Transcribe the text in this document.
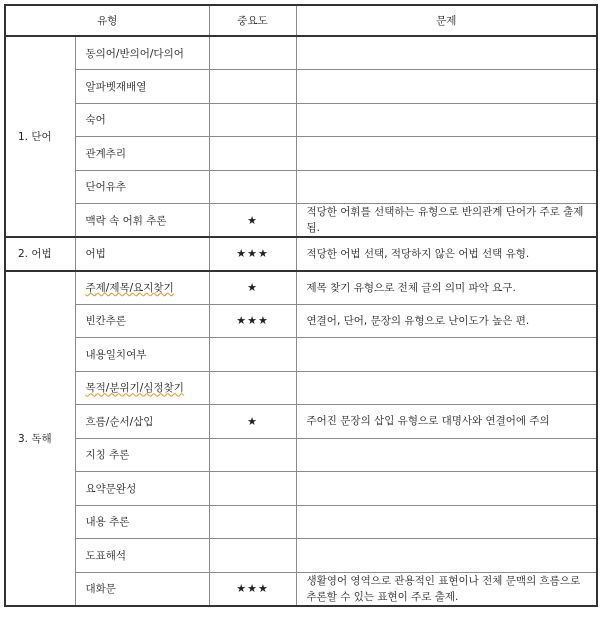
유형		중요도	문제
1. 단어	동의어/반의어/다의어		
	알파벳재배열		
	숙어		
	관계추리		
	단어유추		
	맥락 속 어휘 추론	★	적당한 어휘를 선택하는 유형으로 반의관계 단어가 주로 출제됨.
2. 어법	어법	★★★	적당한 어법 선택, 적당하지 않은 어법 선택 유형.
3. 독해	주제/제목/요지찾기	★	제목 찾기 유형으로 전체 글의 의미 파악 요구.
	빈칸추론	★★★	연결어, 단어, 문장의 유형으로 난이도가 높은 편.
	내용일치여부		
	목적/분위기/심정찾기		
	흐름/순서/삽입	★	주어진 문장의 삽입 유형으로 대명사와 연결어에 주의
	지칭 추론		
	요약문완성		
	내용 추론		
	도표해석		
	대화문	★★★	생활영어 영역으로 관용적인 표현이나 전체 문맥의 흐름으로 추론할 수 있는 표현이 주로 출제.
